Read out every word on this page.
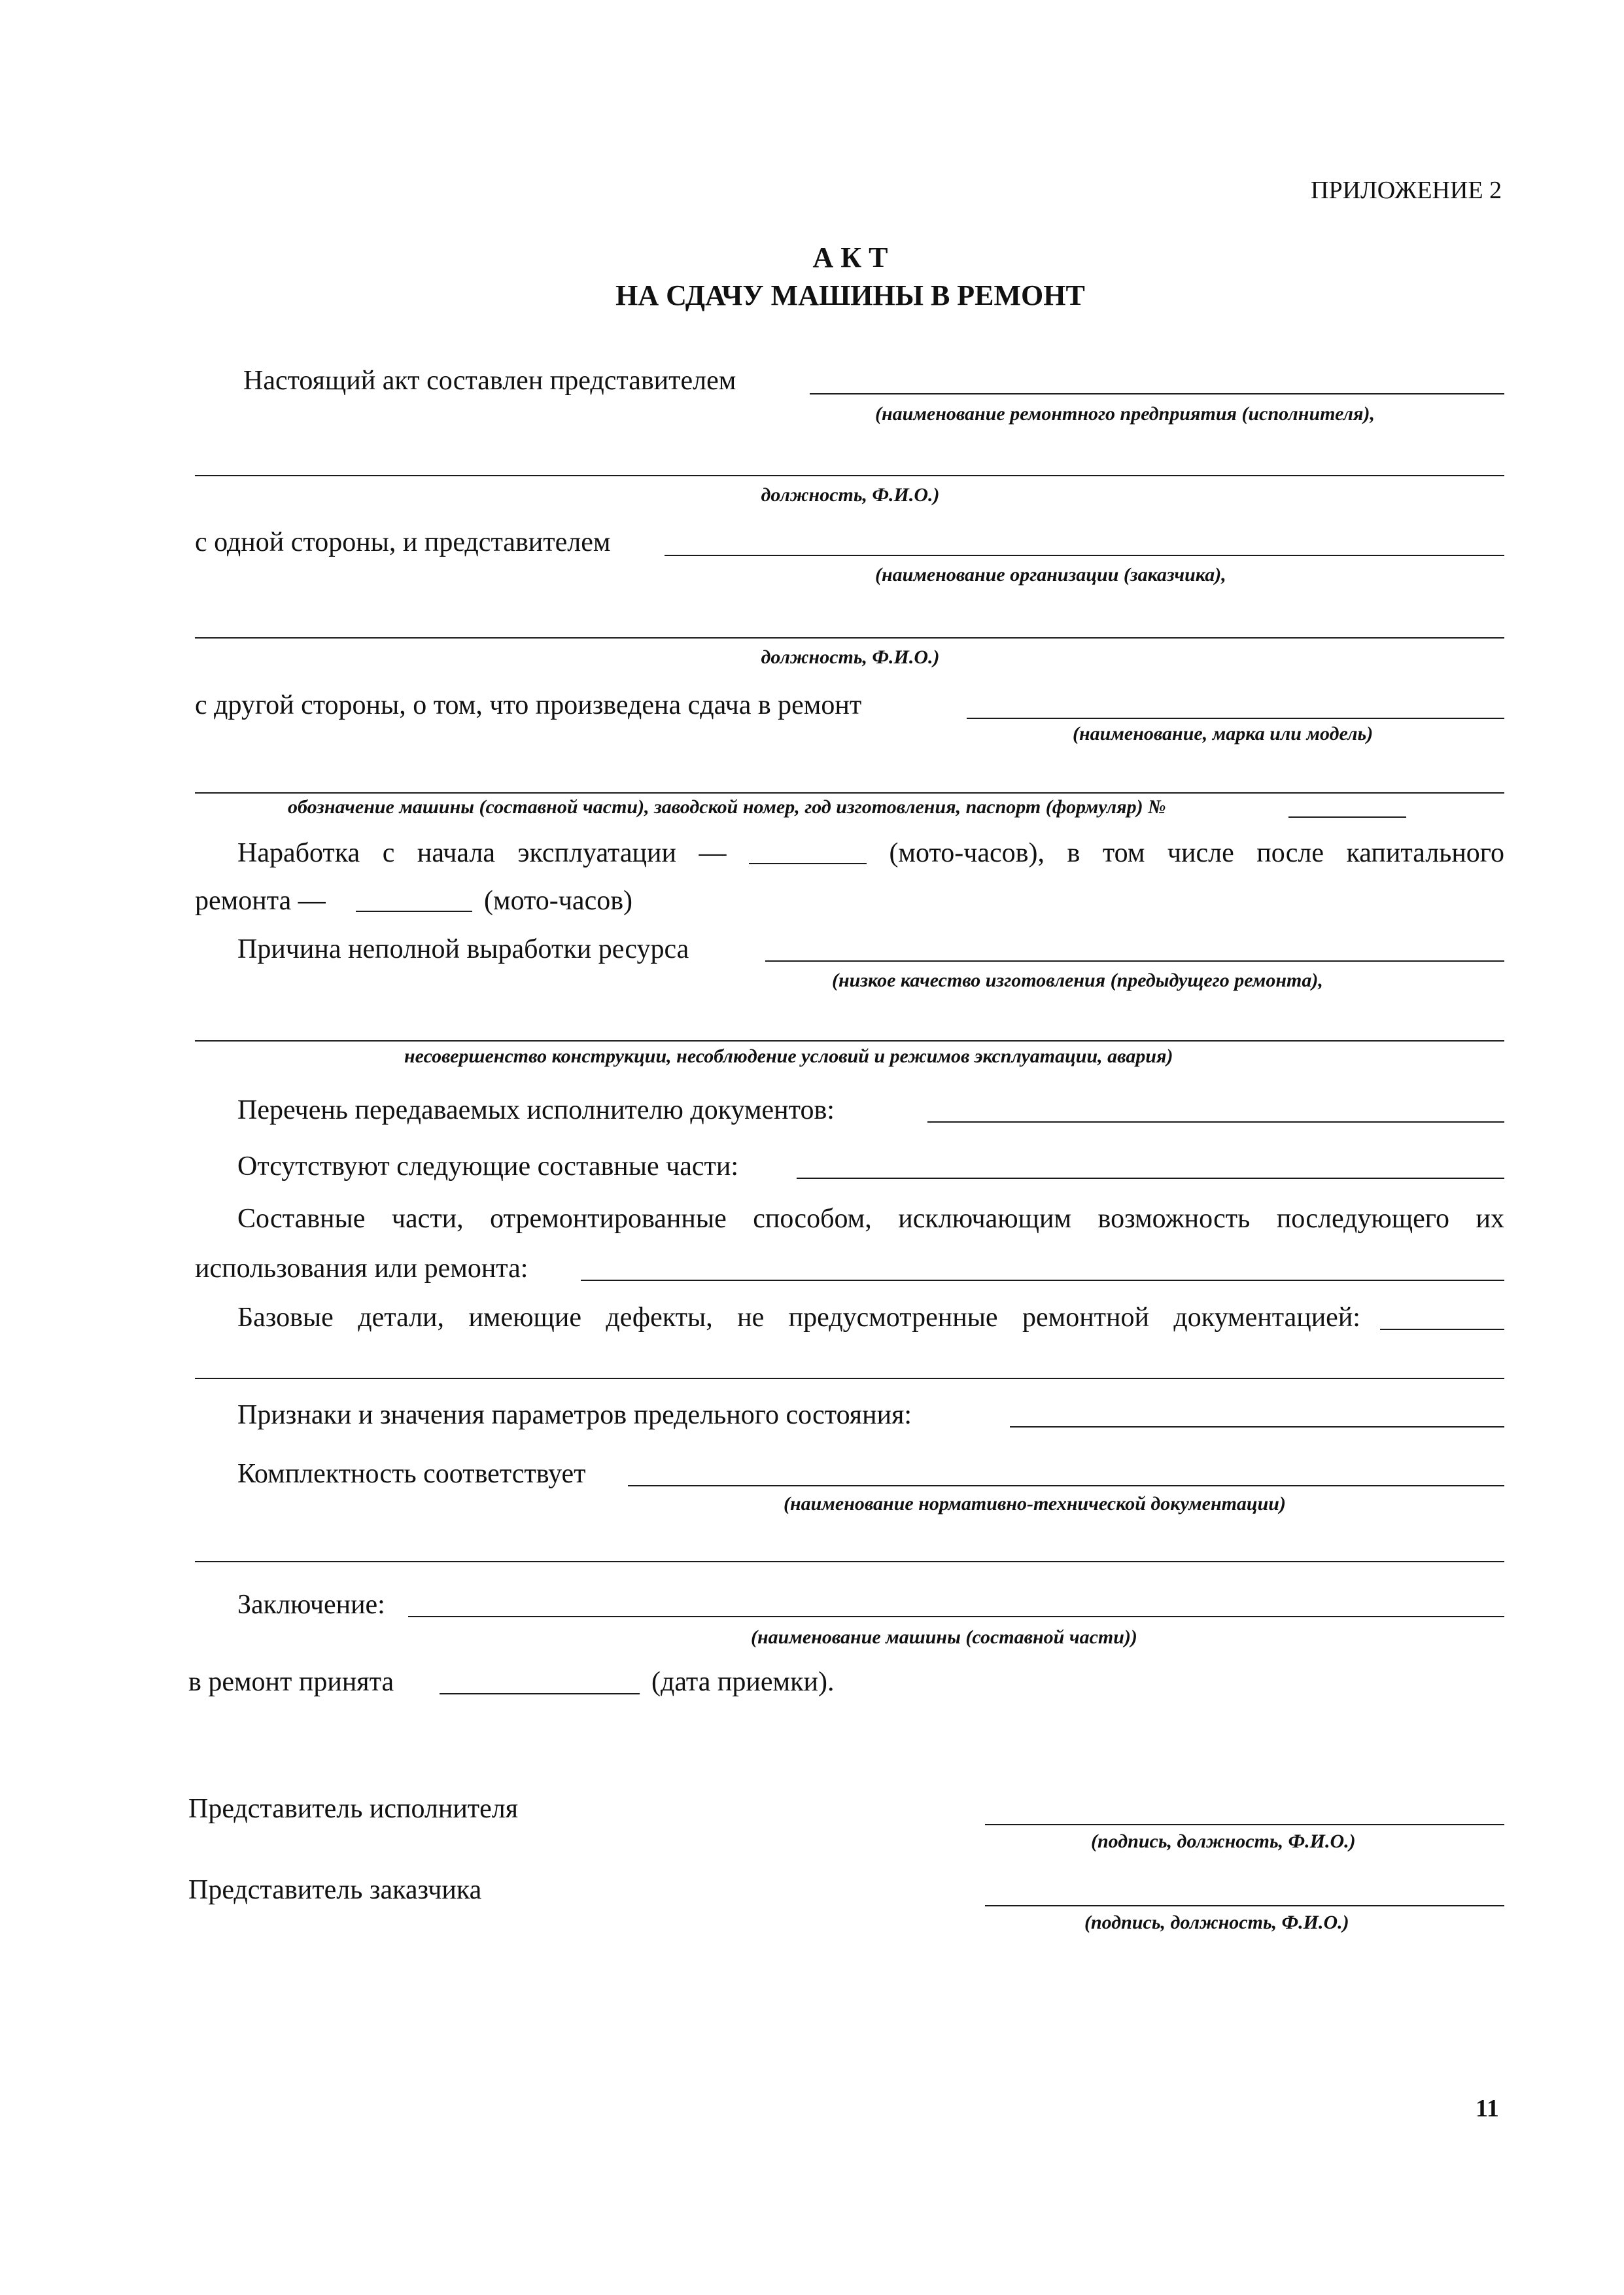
ПРИЛОЖЕНИЕ 2
А К Т
НА СДАЧУ МАШИНЫ В РЕМОНТ
Настоящий акт составлен представителем
(наименование ремонтного предприятия (исполнителя),
должность, Ф.И.О.)
с одной стороны, и представителем
(наименование организации (заказчика),
должность, Ф.И.О.)
с другой стороны, о том, что произведена сдача в ремонт
(наименование, марка или модель)
обозначение машины (составной части), заводской номер, год изготовления, паспорт (формуляр) №
Наработка с начала эксплуатации —	(мото-часов), в том числе после капитального
ремонта —	(мото-часов)
Причина неполной выработки ресурса
(низкое качество изготовления (предыдущего ремонта),
несовершенство конструкции, несоблюдение условий и режимов эксплуатации, авария)
Перечень передаваемых исполнителю документов:
Отсутствуют следующие составные части:
Составные части, отремонтированные способом, исключающим возможность последующего их
использования или ремонта:
Базовые детали, имеющие дефекты, не предусмотренные ремонтной документацией:
Признаки и значения параметров предельного состояния:
Комплектность соответствует
(наименование нормативно-технической документации)
Заключение:
(наименование машины (составной части))
в ремонт принята	(дата приемки).
Представитель исполнителя
(подпись, должность, Ф.И.О.)
Представитель заказчика
(подпись, должность, Ф.И.О.)
11
